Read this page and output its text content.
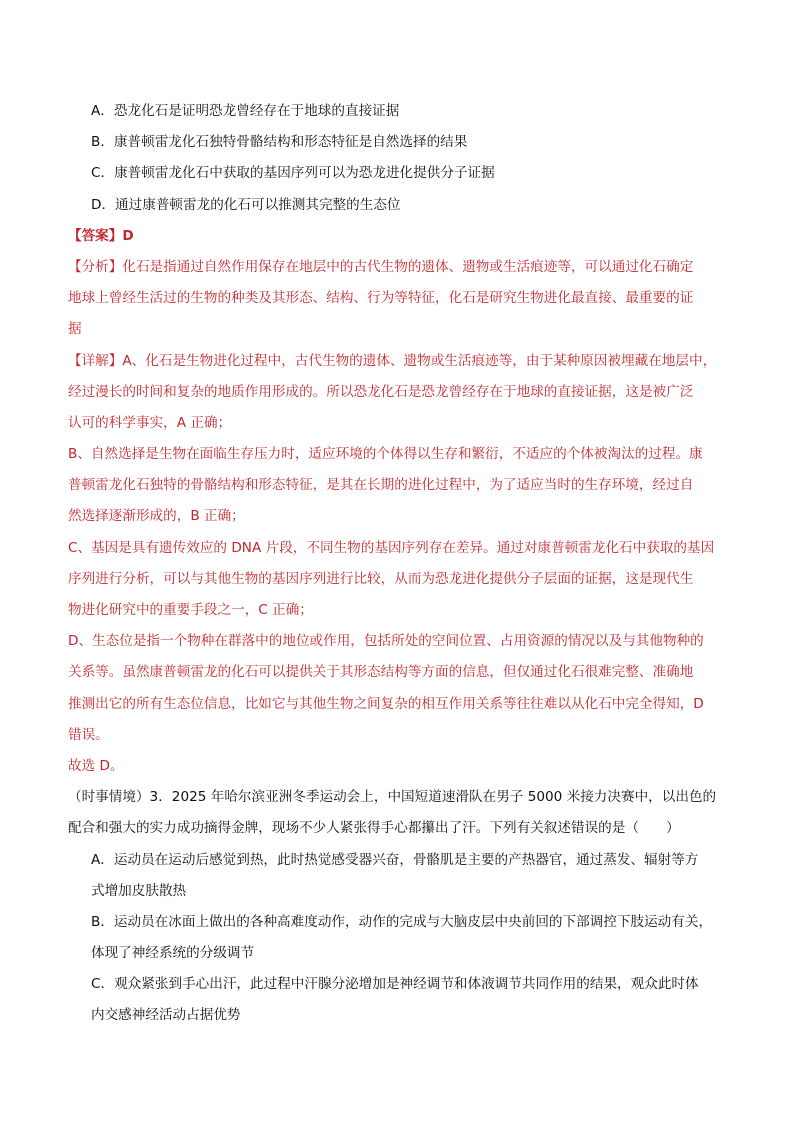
A．恐龙化石是证明恐龙曾经存在于地球的直接证据
B．康普顿雷龙化石独特骨骼结构和形态特征是自然选择的结果
C．康普顿雷龙化石中获取的基因序列可以为恐龙进化提供分子证据
D．通过康普顿雷龙的化石可以推测其完整的生态位
【答案】D
【分析】化石是指通过自然作用保存在地层中的古代生物的遗体、遗物或生活痕迹等，可以通过化石确定
地球上曾经生活过的生物的种类及其形态、结构、行为等特征，化石是研究生物进化最直接、最重要的证
据
【详解】A、化石是生物进化过程中，古代生物的遗体、遗物或生活痕迹等，由于某种原因被埋藏在地层中，
经过漫长的时间和复杂的地质作用形成的。所以恐龙化石是恐龙曾经存在于地球的直接证据，这是被广泛
认可的科学事实，A 正确；
B、自然选择是生物在面临生存压力时，适应环境的个体得以生存和繁衍，不适应的个体被淘汰的过程。康
普顿雷龙化石独特的骨骼结构和形态特征，是其在长期的进化过程中，为了适应当时的生存环境，经过自
然选择逐渐形成的，B 正确；
C、基因是具有遗传效应的 DNA 片段，不同生物的基因序列存在差异。通过对康普顿雷龙化石中获取的基因
序列进行分析，可以与其他生物的基因序列进行比较，从而为恐龙进化提供分子层面的证据，这是现代生
物进化研究中的重要手段之一，C 正确；
D、生态位是指一个物种在群落中的地位或作用，包括所处的空间位置、占用资源的情况以及与其他物种的
关系等。虽然康普顿雷龙的化石可以提供关于其形态结构等方面的信息，但仅通过化石很难完整、准确地
推测出它的所有生态位信息，比如它与其他生物之间复杂的相互作用关系等往往难以从化石中完全得知，D
错误。
故选 D。
（时事情境）3．2025 年哈尔滨亚洲冬季运动会上，中国短道速滑队在男子 5000 米接力决赛中，以出色的
配合和强大的实力成功摘得金牌，现场不少人紧张得手心都攥出了汗。下列有关叙述错误的是（　　）
A．运动员在运动后感觉到热，此时热觉感受器兴奋，骨骼肌是主要的产热器官，通过蒸发、辐射等方
式增加皮肤散热
B．运动员在冰面上做出的各种高难度动作，动作的完成与大脑皮层中央前回的下部调控下肢运动有关，
体现了神经系统的分级调节
C．观众紧张到手心出汗，此过程中汗腺分泌增加是神经调节和体液调节共同作用的结果，观众此时体
内交感神经活动占据优势
